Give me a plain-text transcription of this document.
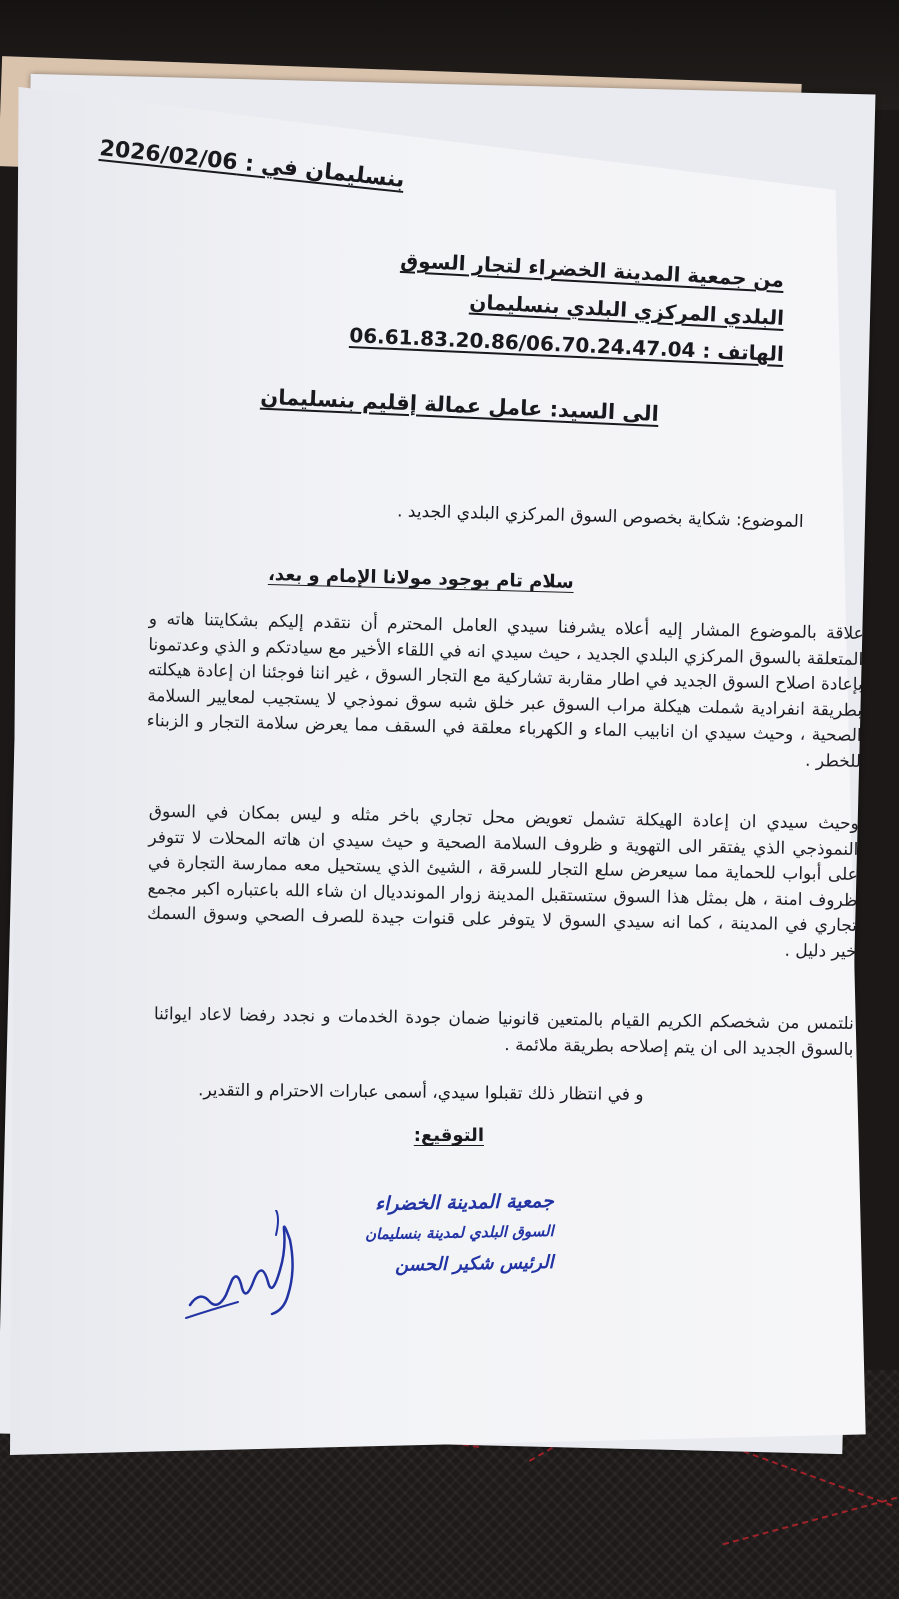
بنسليمان في : 2026/02/06
من جمعية المدينة الخضراء لتجار السوق
البلدي المركزي البلدي بنسليمان
الهاتف : 06.61.83.20.86/06.70.24.47.04
الى السيد: عامل عمالة إقليم بنسليمان
الموضوع: شكاية بخصوص السوق المركزي البلدي الجديد .
سلام تام بوجود مولانا الإمام و بعد،
علاقة بالموضوع المشار إليه أعلاه يشرفنا سيدي العامل المحترم أن نتقدم إليكم بشكايتنا هاته و المتعلقة بالسوق المركزي البلدي الجديد ، حيث سيدي انه في اللقاء الأخير مع سيادتكم و الذي وعدتمونا بإعادة اصلاح السوق الجديد في اطار مقاربة تشاركية مع التجار السوق ، غير اننا فوجئنا ان إعادة هيكلته بطريقة انفرادية شملت هيكلة مراب السوق عبر خلق شبه سوق نموذجي لا يستجيب لمعايير السلامة الصحية ، وحيث سيدي ان انابيب الماء و الكهرباء معلقة في السقف مما يعرض سلامة التجار و الزبناء للخطر .
وحيث سيدي ان إعادة الهيكلة تشمل تعويض محل تجاري باخر مثله و ليس بمكان في السوق النموذجي الذي يفتقر الى التهوية و ظروف السلامة الصحية و حيث سيدي ان هاته المحلات لا تتوفر على أبواب للحماية مما سيعرض سلع التجار للسرقة ، الشيئ الذي يستحيل معه ممارسة التجارة في ظروف امنة ، هل بمثل هذا السوق ستستقبل المدينة زوار الموندديال ان شاء الله باعتباره اكبر مجمع تجاري في المدينة ، كما انه سيدي السوق لا يتوفر على قنوات جيدة للصرف الصحي وسوق السمك خير دليل .
نلتمس من شخصكم الكريم القيام بالمتعين قانونيا ضمان جودة الخدمات و نجدد رفضا لاعاد ايوائنا بالسوق الجديد الى ان يتم إصلاحه بطريقة ملائمة .
و في انتظار ذلك تقبلوا سيدي، أسمى عبارات الاحترام و التقدير.
التوقيع:
جمعية المدينة الخضراء
السوق البلدي لمدينة بنسليمان
الرئيس شكير الحسن
